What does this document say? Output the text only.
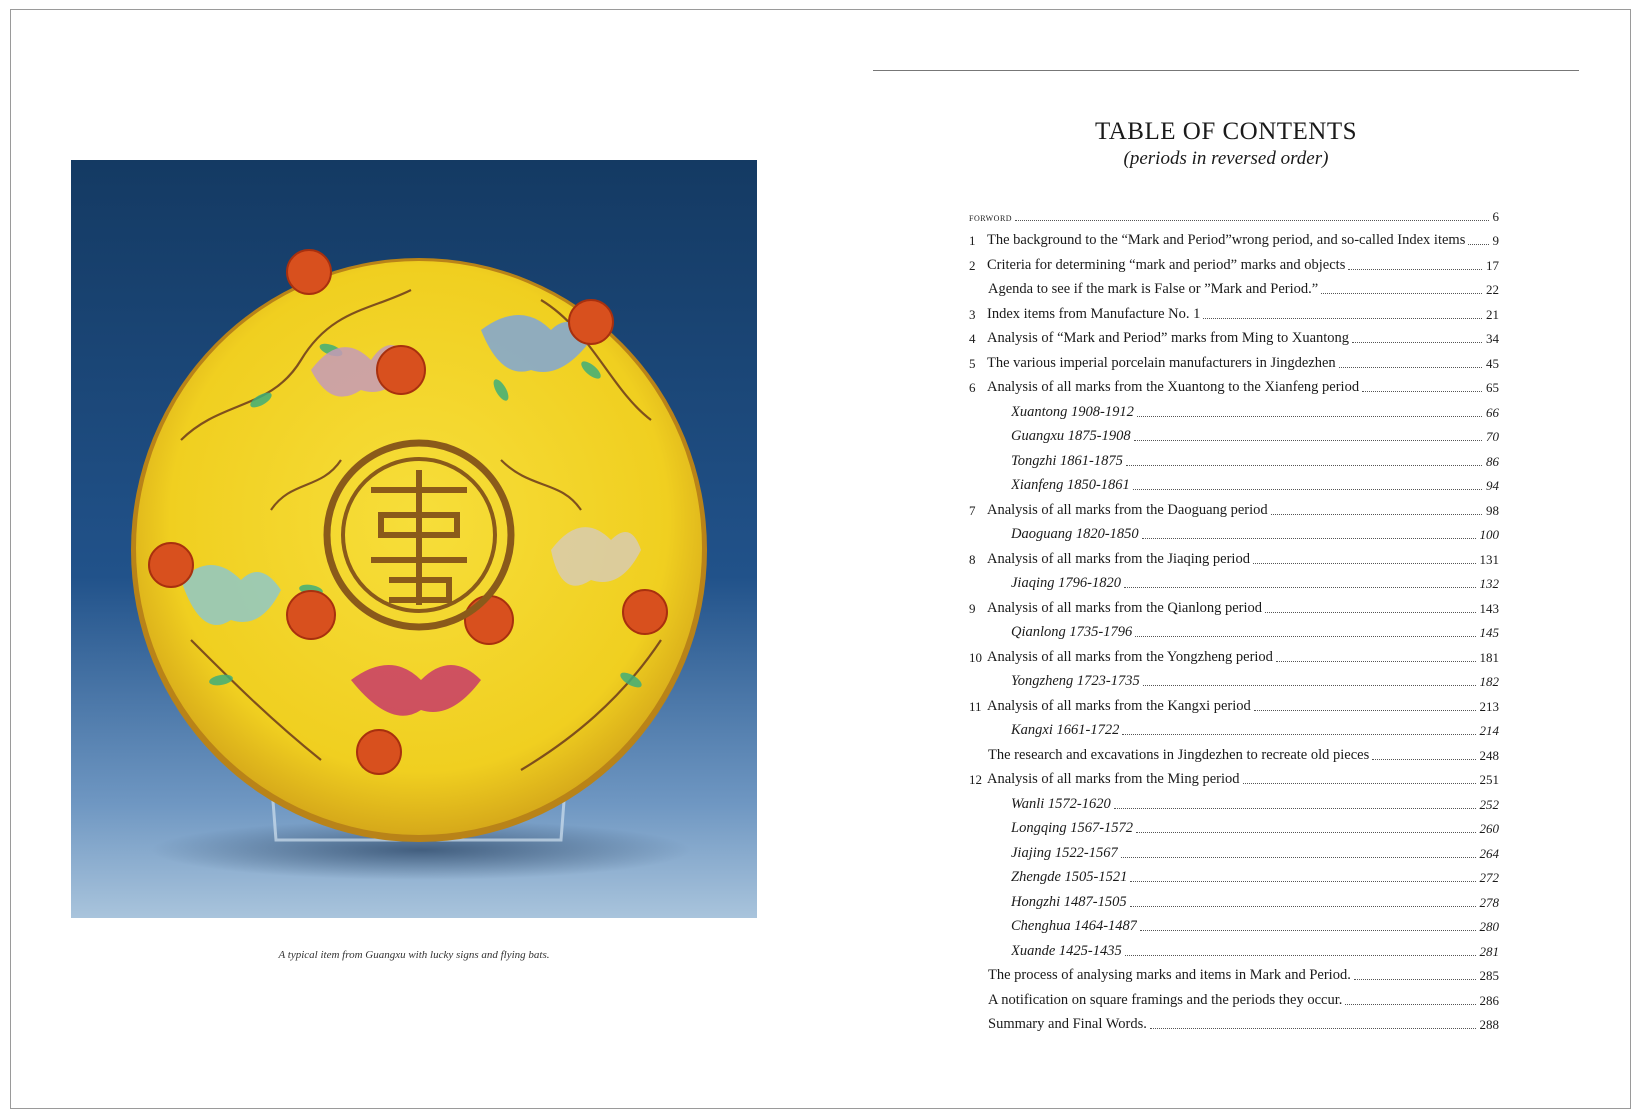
A typical item from Guangxu with lucky signs and flying bats.
TABLE OF CONTENTS
(periods in reversed order)
forword	6
1 The background to the “Mark and Period”wrong period, and so-called Index items 9
2 Criteria for determining “mark and period” marks and objects	17
Agenda to see if the mark is False or ”Mark and Period.”	22
3 Index items from Manufacture No. 1	21
4 Analysis of “Mark and Period” marks from Ming to Xuantong	34
5 The various imperial porcelain manufacturers in Jingdezhen	45
6 Analysis of all marks from the Xuantong to the Xianfeng period	65
Xuantong 1908-1912	66
Guangxu 1875-1908	70
Tongzhi 1861-1875	86
Xianfeng 1850-1861	94
7 Analysis of all marks from the Daoguang period	98
Daoguang 1820-1850	100
8 Analysis of all marks from the Jiaqing period	131
Jiaqing 1796-1820	132
9 Analysis of all marks from the Qianlong period	143
Qianlong 1735-1796	145
10 Analysis of all marks from the Yongzheng period	181
Yongzheng 1723-1735	182
11 Analysis of all marks from the Kangxi period	213
Kangxi 1661-1722	214
The research and excavations in Jingdezhen to recreate old pieces	248
12 Analysis of all marks from the Ming period	251
Wanli 1572-1620	252
Longqing 1567-1572	260
Jiajing 1522-1567	264
Zhengde 1505-1521	272
Hongzhi 1487-1505	278
Chenghua 1464-1487	280
Xuande 1425-1435	281
The process of analysing marks and items in Mark and Period.	285
A notification on square framings and the periods they occur.	286
Summary and Final Words.	288
